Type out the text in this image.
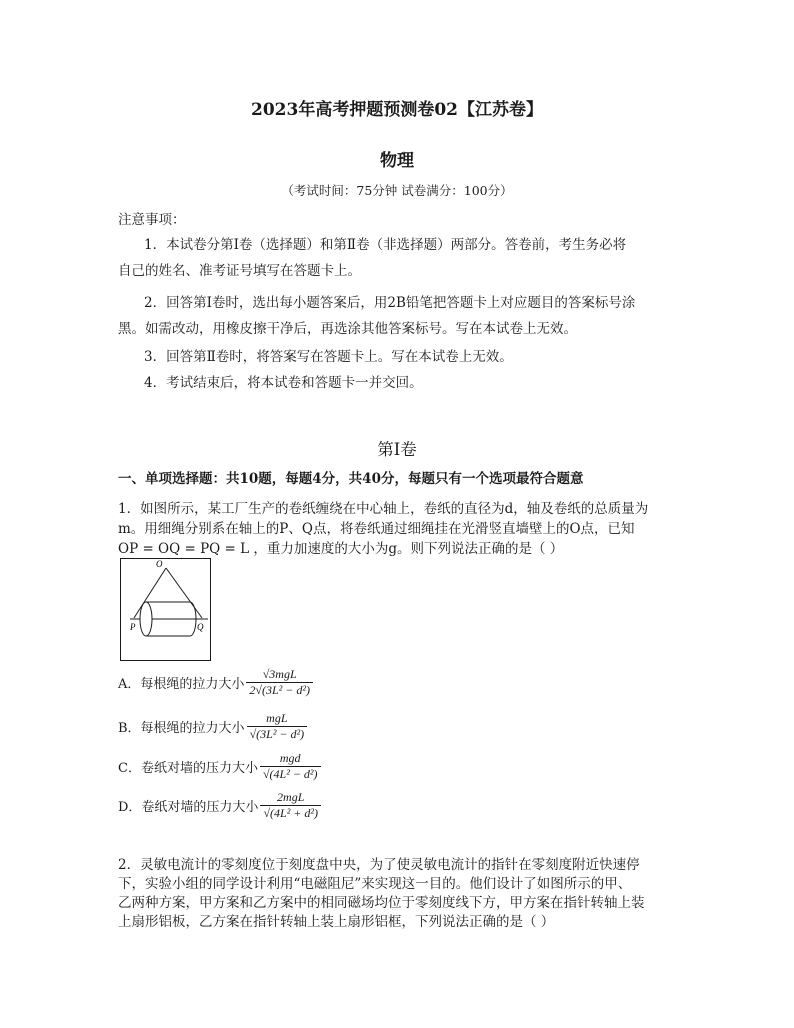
2023年高考押题预测卷02【江苏卷】
物理
（考试时间：75分钟 试卷满分：100分）
注意事项：
1．本试卷分第Ⅰ卷（选择题）和第Ⅱ卷（非选择题）两部分。答卷前，考生务必将
自己的姓名、准考证号填写在答题卡上。
2．回答第Ⅰ卷时，选出每小题答案后，用2B铅笔把答题卡上对应题目的答案标号涂
黑。如需改动，用橡皮擦干净后，再选涂其他答案标号。写在本试卷上无效。
3．回答第Ⅱ卷时，将答案写在答题卡上。写在本试卷上无效。
4．考试结束后，将本试卷和答题卡一并交回。
第Ⅰ卷
一、单项选择题：共10题，每题4分，共40分，每题只有一个选项最符合题意
1．如图所示，某工厂生产的卷纸缠绕在中心轴上，卷纸的直径为d，轴及卷纸的总质量为
m。用细绳分别系在轴上的P、Q点，将卷纸通过细绳挂在光滑竖直墙壁上的O点，已知
OP = OQ = PQ = L ，重力加速度的大小为g。则下列说法正确的是（ ）
O
P	Q
A．每根绳的拉力大小 $\frac{\text{√3mgL}}{\text{2√(3L² − d²)}}$
B．每根绳的拉力大小 $\frac{\text{mgL}}{\text{√(3L² − d²)}}$
C．卷纸对墙的压力大小 $\frac{\text{mgd}}{\text{√(4L² − d²)}}$
D．卷纸对墙的压力大小 $\frac{\text{2mgL}}{\text{√(4L² + d²)}}$
2．灵敏电流计的零刻度位于刻度盘中央，为了使灵敏电流计的指针在零刻度附近快速停
下，实验小组的同学设计利用“电磁阻尼”来实现这一目的。他们设计了如图所示的甲、
乙两种方案，甲方案和乙方案中的相同磁场均位于零刻度线下方，甲方案在指针转轴上装
上扇形铝板，乙方案在指针转轴上装上扇形铝框，下列说法正确的是（ ）
